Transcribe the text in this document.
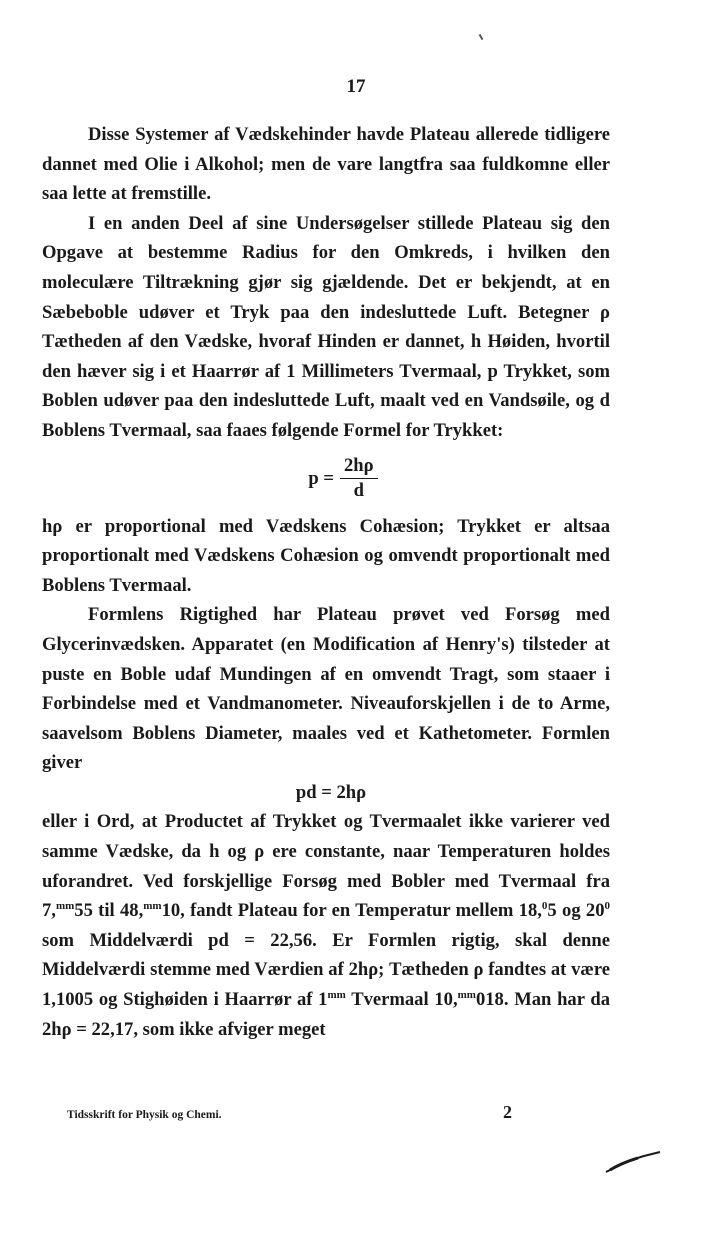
17

Disse Systemer af Vædskehinder havde Plateau allerede tidligere dannet med Olie i Alkohol; men de vare langtfra saa fuldkomne eller saa lette at fremstille.

I en anden Deel af sine Undersøgelser stillede Plateau sig den Opgave at bestemme Radius for den Omkreds, i hvilken den moleculære Tiltrækning gjør sig gjældende. Det er bekjendt, at en Sæbeboble udøver et Tryk paa den indesluttede Luft. Betegner ρ Tætheden af den Vædske, hvoraf Hinden er dannet, h Høiden, hvortil den hæver sig i et Haarrør af 1 Millimeters Tvermaal, p Trykket, som Boblen udøver paa den indesluttede Luft, maalt ved en Vandsøile, og d Boblens Tvermaal, saa faaes følgende Formel for Trykket:

$p = \frac{2h\rho}{d}$

hρ er proportional med Vædskens Cohæsion; Trykket er altsaa proportionalt med Vædskens Cohæsion og omvendt proportionalt med Boblens Tvermaal.

Formlens Rigtighed har Plateau prøvet ved Forsøg med Glycerinvædsken. Apparatet (en Modification af Henry's) tilsteder at puste en Boble udaf Mundingen af en omvendt Tragt, som staaer i Forbindelse med et Vandmanometer. Niveauforskjellen i de to Arme, saavelsom Boblens Diameter, maales ved et Kathetometer. Formlen giver

pd = 2hρ

eller i Ord, at Productet af Trykket og Tvermaalet ikke varierer ved samme Vædske, da h og ρ ere constante, naar Temperaturen holdes uforandret. Ved forskjellige Forsøg med Bobler med Tvermaal fra 7,$^{mm}$55 til 48,$^{mm}$10, fandt Plateau for en Temperatur mellem 18,$^0$5 og $20^0$ som Middelværdi pd = 22,56. Er Formlen rigtig, skal denne Middelværdi stemme med Værdien af 2hρ; Tætheden ρ fandtes at være 1,1005 og Stighøiden i Haarrør af $1^{mm}$ Tvermaal 10,$^{mm}$018. Man har da 2hρ = 22,17, som ikke afviger meget

Tidsskrift for Physik og Chemi.	2
